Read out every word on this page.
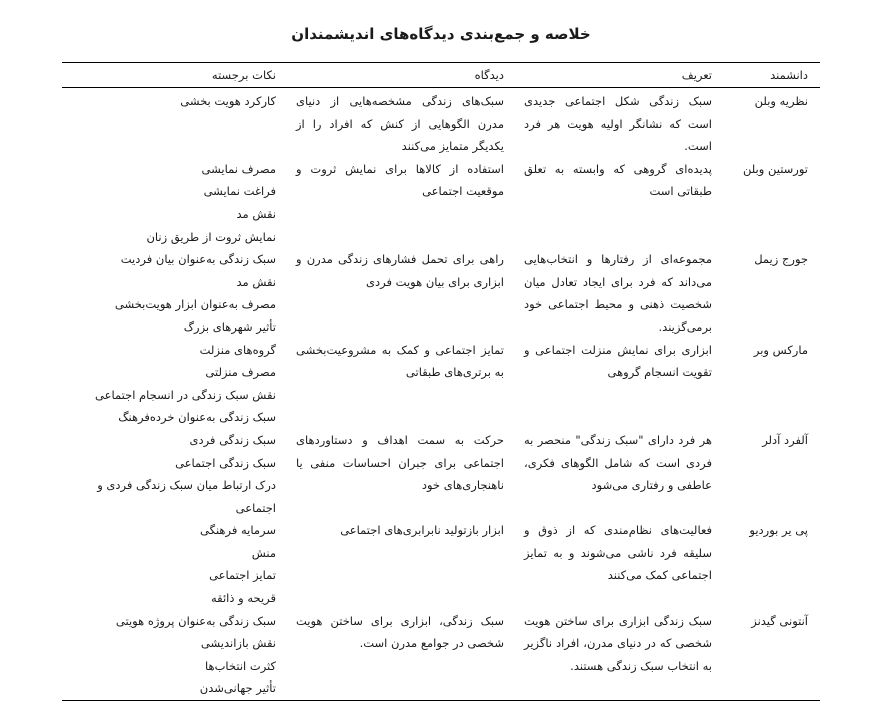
خلاصه و جمع‌بندی دیدگاه‌های اندیشمندان
دانشمند	تعریف	دیدگاه	نکات برجسته
نظریه وبلن	سبک زندگی شکل اجتماعی جدیدی است که نشانگر اولیه هویت هر فرد است.	سبک‌های زندگی مشخصه‌هایی از دنیای مدرن الگوهایی از کنش که افراد را از یکدیگر متمایز می‌کنند	کارکرد هویت بخشی

تورستین وبلن	پدیده‌ای گروهی که وابسته به تعلق طبقاتی است	استفاده از کالاها برای نمایش ثروت و موقعیت اجتماعی	مصرف نمایشی
فراغت نمایشی
نقش مد
نمایش ثروت از طریق زنان

جورج زیمل	مجموعه‌ای از رفتارها و انتخاب‌هایی می‌داند که فرد برای ایجاد تعادل میان شخصیت ذهنی و محیط اجتماعی خود برمی‌گزیند.	راهی برای تحمل فشارهای زندگی مدرن و ابزاری برای بیان هویت فردی	سبک زندگی به‌عنوان بیان فردیت
نقش مد
مصرف به‌عنوان ابزار هویت‌بخشی
تأثیر شهرهای بزرگ

مارکس وبر	ابزاری برای نمایش منزلت اجتماعی و تقویت انسجام گروهی	تمایز اجتماعی و کمک به مشروعیت‌بخشی به برتری‌های طبقاتی	گروه‌های منزلت
مصرف منزلتی
نقش سبک زندگی در انسجام اجتماعی
سبک زندگی به‌عنوان خرده‌فرهنگ

آلفرد آدلر	هر فرد دارای "سبک زندگی" منحصر به فردی است که شامل الگوهای فکری، عاطفی و رفتاری می‌شود	حرکت به سمت اهداف و دستاوردهای اجتماعی برای جبران احساسات منفی یا ناهنجاری‌های خود	سبک زندگی فردی
سبک زندگی اجتماعی
درک ارتباط میان سبک زندگی فردی و اجتماعی

پی یر بوردیو	فعالیت‌های نظام‌مندی که از ذوق و سلیقه فرد ناشی می‌شوند و به تمایز اجتماعی کمک می‌کنند	ابزار بازتولید نابرابری‌های اجتماعی	سرمایه فرهنگی
منش
تمایز اجتماعی
قریحه و ذائقه

آنتونی گیدنز	سبک زندگی ابزاری برای ساختن هویت شخصی که در دنیای مدرن، افراد ناگزیر به انتخاب سبک زندگی هستند.	سبک زندگی، ابزاری برای ساختن هویت شخصی در جوامع مدرن است.	سبک زندگی به‌عنوان پروژه هویتی
نقش بازاندیشی
کثرت انتخاب‌ها
تأثیر جهانی‌شدن
